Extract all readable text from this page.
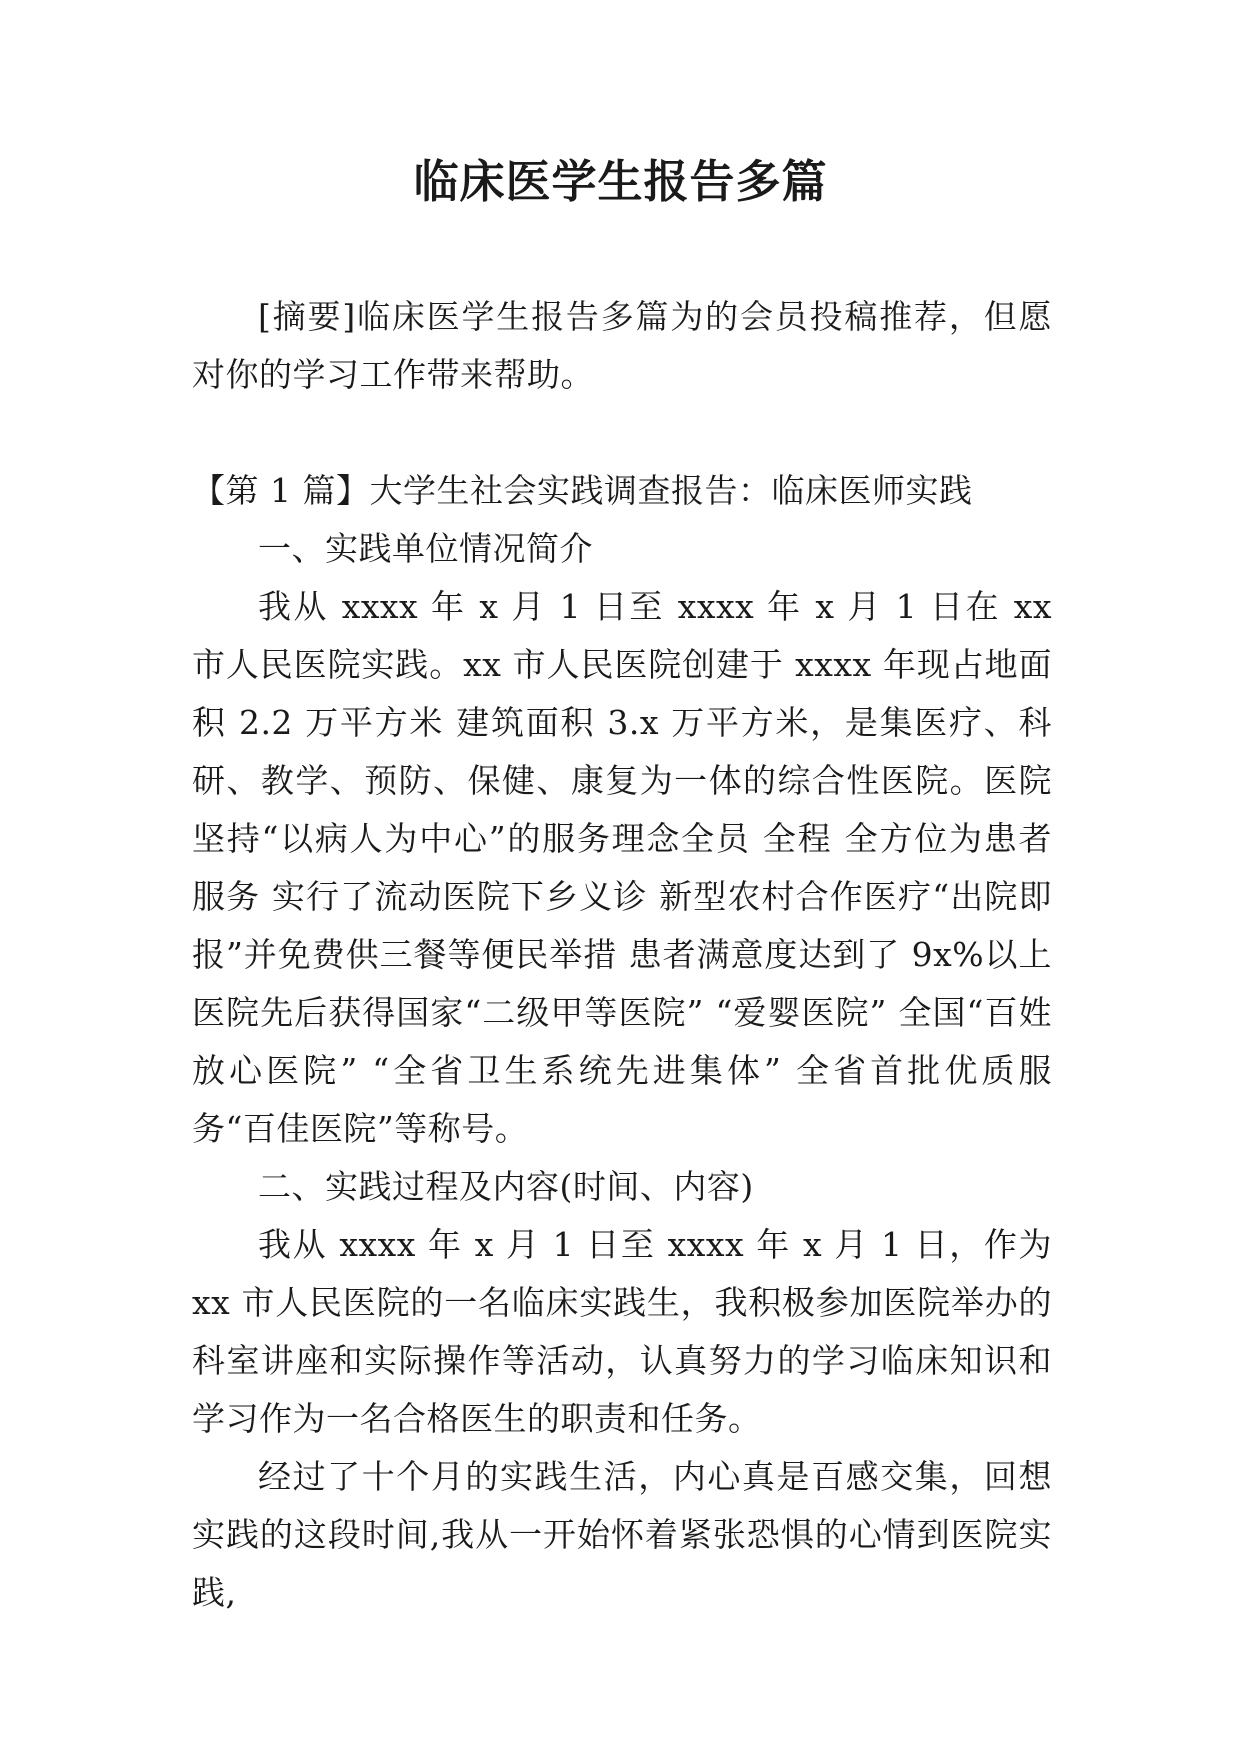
临床医学生报告多篇

[摘要]临床医学生报告多篇为的会员投稿推荐，但愿对你的学习工作带来帮助。

【第 1 篇】大学生社会实践调查报告：临床医师实践

一、实践单位情况简介

我从 xxxx 年 x 月 1 日至 xxxx 年 x 月 1 日在 xx 市人民医院实践。xx 市人民医院创建于 xxxx 年现占地面积 2.2 万平方米 建筑面积 3.x 万平方米，是集医疗、科研、教学、预防、保健、康复为一体的综合性医院。医院坚持“以病人为中心”的服务理念全员 全程 全方位为患者服务 实行了流动医院下乡义诊 新型农村合作医疗“出院即报”并免费供三餐等便民举措 患者满意度达到了 9x%以上医院先后获得国家“二级甲等医院” “爱婴医院” 全国“百姓放心医院” “全省卫生系统先进集体” 全省首批优质服务“百佳医院”等称号。

二、实践过程及内容(时间、内容)

我从 xxxx 年 x 月 1 日至 xxxx 年 x 月 1 日，作为 xx 市人民医院的一名临床实践生，我积极参加医院举办的科室讲座和实际操作等活动，认真努力的学习临床知识和学习作为一名合格医生的职责和任务。

经过了十个月的实践生活，内心真是百感交集，回想实践的这段时间,我从一开始怀着紧张恐惧的心情到医院实践,
